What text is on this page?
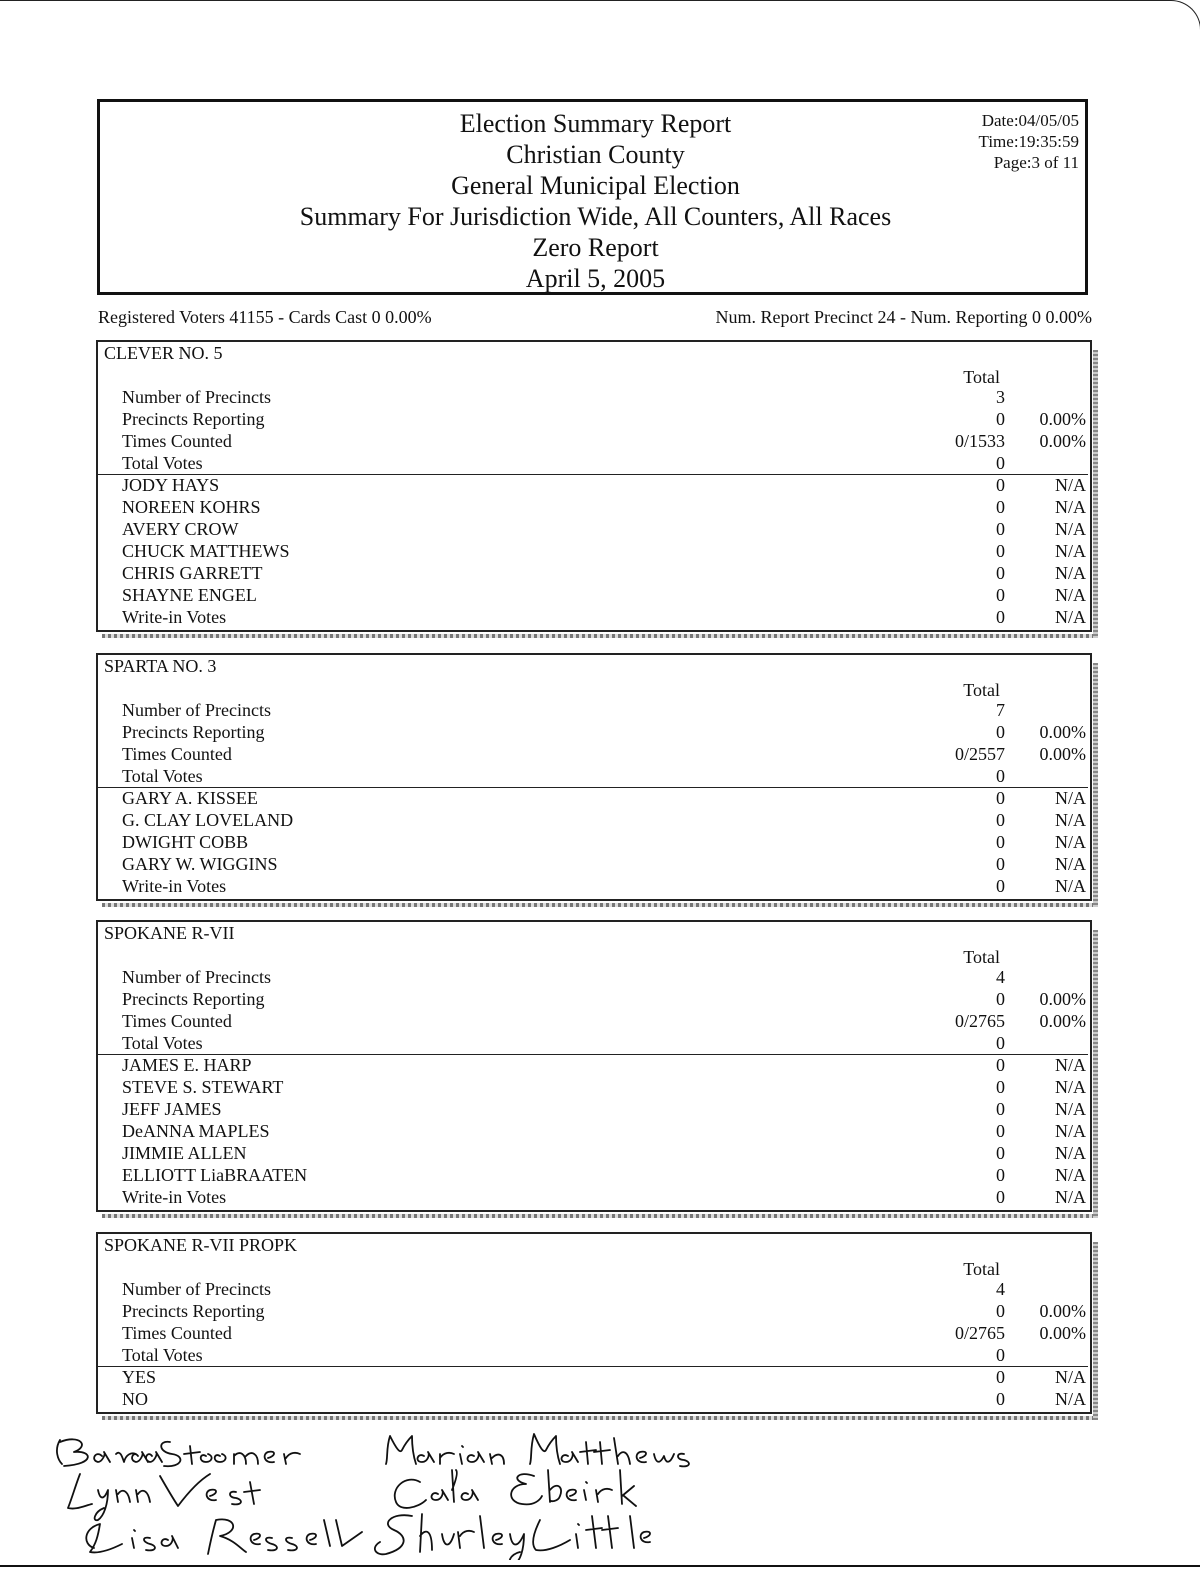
Election Summary Report
Christian County
General Municipal Election
Summary For Jurisdiction Wide, All Counters, All Races
Zero Report
April 5, 2005
Date:04/05/05
Time:19:35:59
Page:3 of 11
Registered Voters 41155 - Cards Cast 0 0.00%	Num. Report Precinct 24 - Num. Reporting 0 0.00%
CLEVER NO. 5
Total
Number of Precincts	3
Precincts Reporting	0 0.00%
Times Counted	0/1533 0.00%
Total Votes	0
JODY HAYS	0	N/A
NOREEN KOHRS	0	N/A
AVERY CROW	0	N/A
CHUCK MATTHEWS	0	N/A
CHRIS GARRETT	0	N/A
SHAYNE ENGEL	0	N/A
Write-in Votes	0	N/A
SPARTA NO. 3
Total
Number of Precincts	7
Precincts Reporting	0 0.00%
Times Counted	0/2557 0.00%
Total Votes	0
GARY A. KISSEE	0	N/A
G. CLAY LOVELAND	0	N/A
DWIGHT COBB	0	N/A
GARY W. WIGGINS	0	N/A
Write-in Votes	0	N/A
SPOKANE R-VII
Total
Number of Precincts	4
Precincts Reporting	0 0.00%
Times Counted	0/2765 0.00%
Total Votes	0
JAMES E. HARP	0	N/A
STEVE S. STEWART	0	N/A
JEFF JAMES	0	N/A
DeANNA MAPLES	0	N/A
JIMMIE ALLEN	0	N/A
ELLIOTT LiaBRAATEN	0	N/A
Write-in Votes	0	N/A
SPOKANE R-VII PROPK
Total
Number of Precincts	4
Precincts Reporting	0 0.00%
Times Counted	0/2765 0.00%
Total Votes	0
YES	0	N/A
NO	0	N/A
